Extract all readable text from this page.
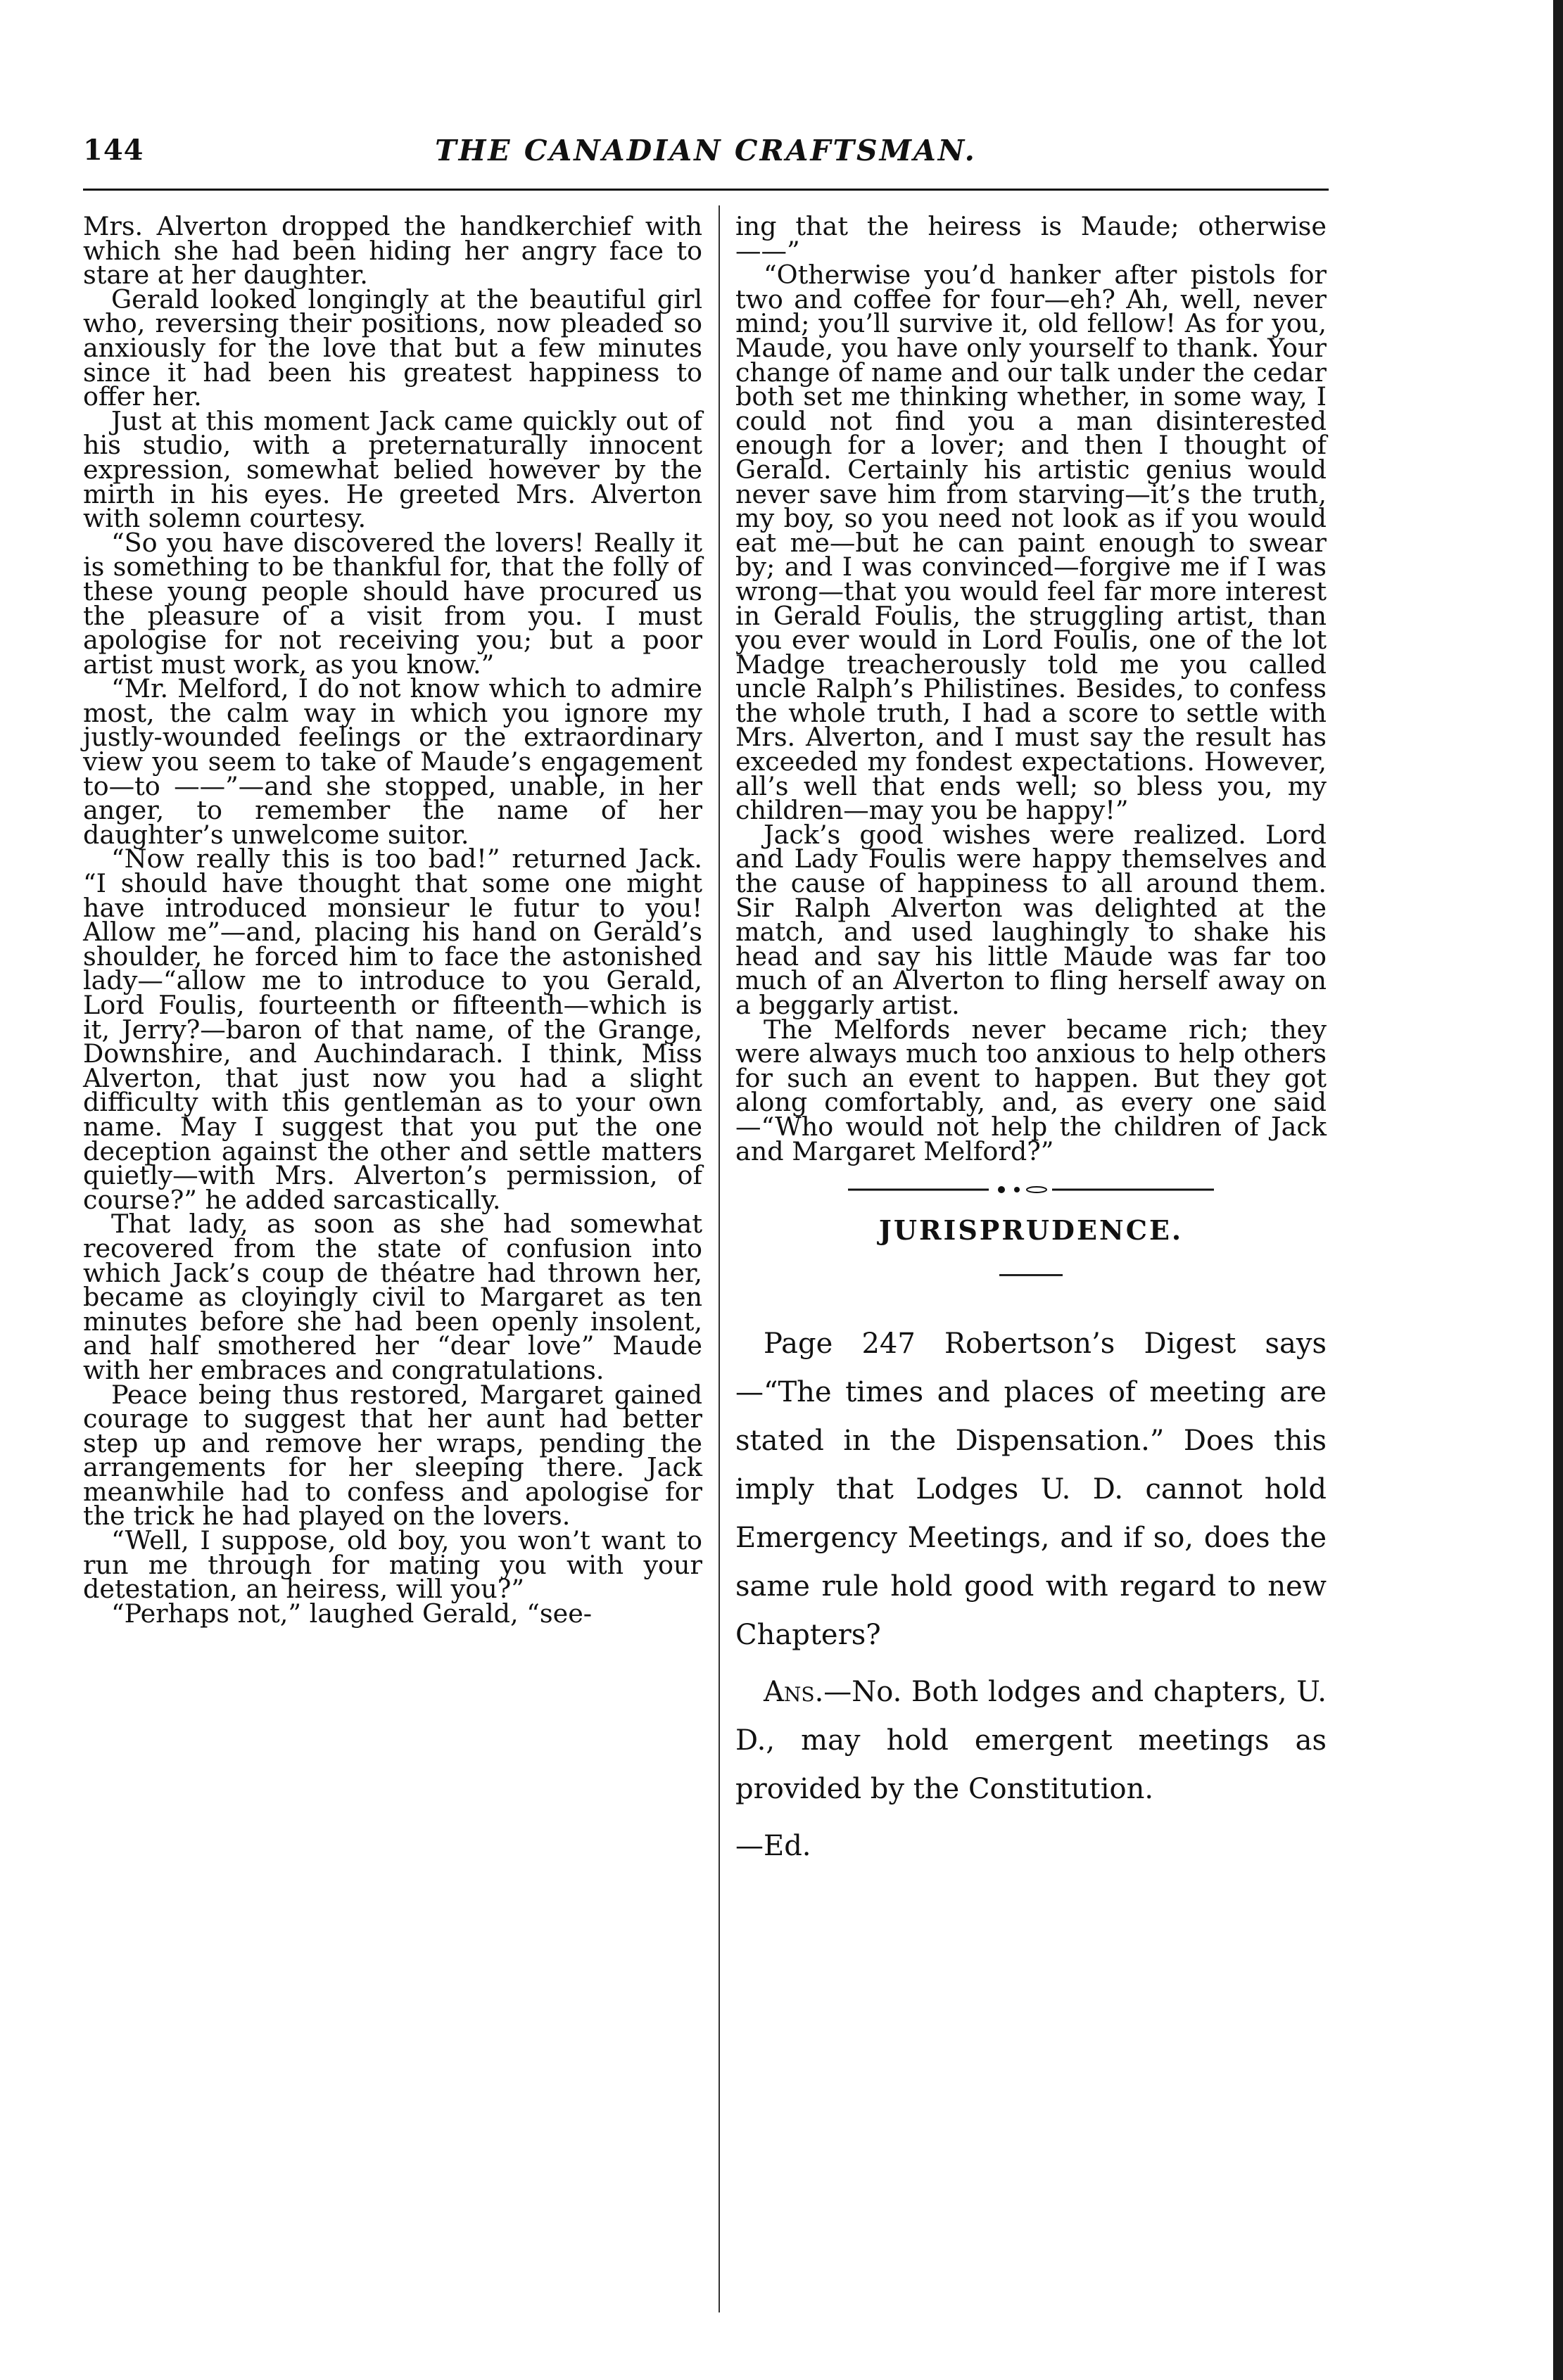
144	THE CANADIAN CRAFTSMAN.

Mrs. Alverton dropped the handkerchief with which she had been hiding her angry face to stare at her daughter.

Gerald looked longingly at the beautiful girl who, reversing their positions, now pleaded so anxiously for the love that but a few minutes since it had been his greatest happiness to offer her.

Just at this moment Jack came quickly out of his studio, with a preternaturally innocent expression, somewhat belied however by the mirth in his eyes. He greeted Mrs. Alverton with solemn courtesy.

“So you have discovered the lovers! Really it is something to be thankful for, that the folly of these young people should have procured us the pleasure of a visit from you. I must apologise for not receiving you; but a poor artist must work, as you know.”

“Mr. Melford, I do not know which to admire most, the calm way in which you ignore my justly-wounded feelings or the extraordinary view you seem to take of Maude’s engagement to—to ——”—and she stopped, unable, in her anger, to remember the name of her daughter’s unwelcome suitor.

“Now really this is too bad!” returned Jack. “I should have thought that some one might have introduced monsieur le futur to you! Allow me”—and, placing his hand on Gerald’s shoulder, he forced him to face the astonished lady—“allow me to introduce to you Gerald, Lord Foulis, fourteenth or fifteenth—which is it, Jerry?—baron of that name, of the Grange, Downshire, and Auchindarach. I think, Miss Alverton, that just now you had a slight difficulty with this gentleman as to your own name. May I suggest that you put the one deception against the other and settle matters quietly—with Mrs. Alverton’s permission, of course?” he added sarcastically.

That lady, as soon as she had somewhat recovered from the state of confusion into which Jack’s coup de théatre had thrown her, became as cloyingly civil to Margaret as ten minutes before she had been openly insolent, and half smothered her “dear love” Maude with her embraces and congratulations.

Peace being thus restored, Margaret gained courage to suggest that her aunt had better step up and remove her wraps, pending the arrangements for her sleeping there. Jack meanwhile had to confess and apologise for the trick he had played on the lovers.

“Well, I suppose, old boy, you won’t want to run me through for mating you with your detestation, an heiress, will you?”

“Perhaps not,” laughed Gerald, “see-

ing that the heiress is Maude; otherwise——”

“Otherwise you’d hanker after pistols for two and coffee for four—eh? Ah, well, never mind; you’ll survive it, old fellow! As for you, Maude, you have only yourself to thank. Your change of name and our talk under the cedar both set me thinking whether, in some way, I could not find you a man disinterested enough for a lover; and then I thought of Gerald. Certainly his artistic genius would never save him from starving—it’s the truth, my boy, so you need not look as if you would eat me—but he can paint enough to swear by; and I was convinced—forgive me if I was wrong—that you would feel far more interest in Gerald Foulis, the struggling artist, than you ever would in Lord Foulis, one of the lot Madge treacherously told me you called uncle Ralph’s Philistines. Besides, to confess the whole truth, I had a score to settle with Mrs. Alverton, and I must say the result has exceeded my fondest expectations. However, all’s well that ends well; so bless you, my children—may you be happy!”

Jack’s good wishes were realized. Lord and Lady Foulis were happy themselves and the cause of happiness to all around them. Sir Ralph Alverton was delighted at the match, and used laughingly to shake his head and say his little Maude was far too much of an Alverton to fling herself away on a beggarly artist.

The Melfords never became rich; they were always much too anxious to help others for such an event to happen. But they got along comfortably, and, as every one said—“Who would not help the children of Jack and Margaret Melford?”

JURISPRUDENCE.

Page 247 Robertson’s Digest says—“The times and places of meeting are stated in the Dispensation.” Does this imply that Lodges U. D. cannot hold Emergency Meetings, and if so, does the same rule hold good with regard to new Chapters?

Ans.—No. Both lodges and chapters, U. D., may hold emergent meetings as provided by the Constitution.

—Ed.
